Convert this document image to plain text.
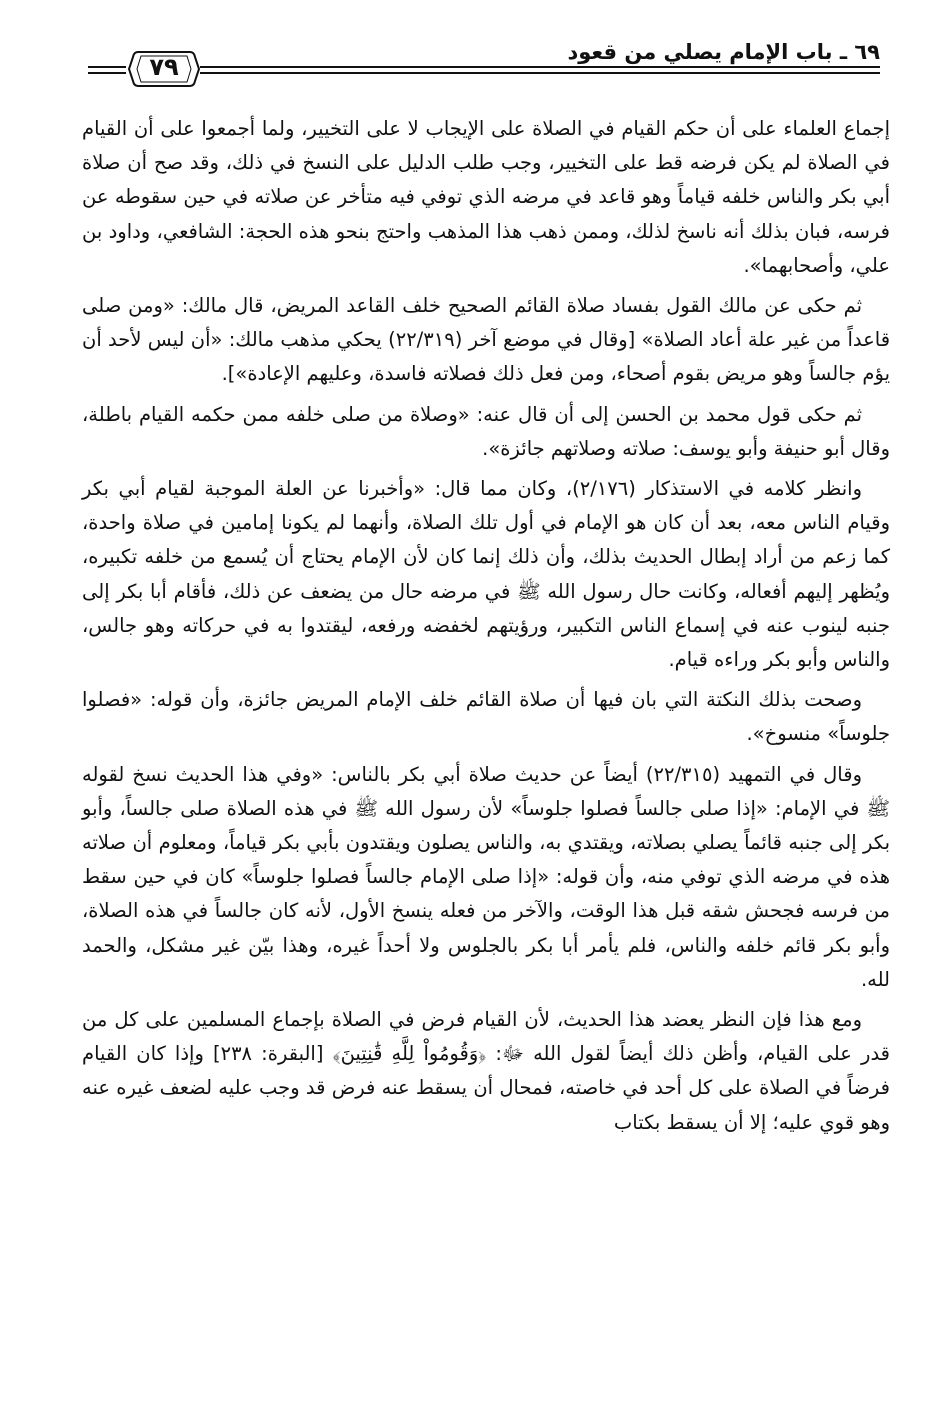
٦٩ ـ باب الإمام يصلي من قعود
٧٩

إجماع العلماء على أن حكم القيام في الصلاة على الإيجاب لا على التخيير، ولما أجمعوا على أن القيام في الصلاة لم يكن فرضه قط على التخيير، وجب طلب الدليل على النسخ في ذلك، وقد صح أن صلاة أبي بكر والناس خلفه قياماً وهو قاعد في مرضه الذي توفي فيه متأخر عن صلاته في حين سقوطه عن فرسه، فبان بذلك أنه ناسخ لذلك، وممن ذهب هذا المذهب واحتج بنحو هذه الحجة: الشافعي، وداود بن علي، وأصحابهما».

ثم حكى عن مالك القول بفساد صلاة القائم الصحيح خلف القاعد المريض، قال مالك: «ومن صلى قاعداً من غير علة أعاد الصلاة» [وقال في موضع آخر (٢٢/٣١٩) يحكي مذهب مالك: «أن ليس لأحد أن يؤم جالساً وهو مريض بقوم أصحاء، ومن فعل ذلك فصلاته فاسدة، وعليهم الإعادة»].

ثم حكى قول محمد بن الحسن إلى أن قال عنه: «وصلاة من صلى خلفه ممن حكمه القيام باطلة، وقال أبو حنيفة وأبو يوسف: صلاته وصلاتهم جائزة».

وانظر كلامه في الاستذكار (٢/١٧٦)، وكان مما قال: «وأخبرنا عن العلة الموجبة لقيام أبي بكر وقيام الناس معه، بعد أن كان هو الإمام في أول تلك الصلاة، وأنهما لم يكونا إمامين في صلاة واحدة، كما زعم من أراد إبطال الحديث بذلك، وأن ذلك إنما كان لأن الإمام يحتاج أن يُسمع من خلفه تكبيره، ويُظهر إليهم أفعاله، وكانت حال رسول الله ﷺ في مرضه حال من يضعف عن ذلك، فأقام أبا بكر إلى جنبه لينوب عنه في إسماع الناس التكبير، ورؤيتهم لخفضه ورفعه، ليقتدوا به في حركاته وهو جالس، والناس وأبو بكر وراءه قيام.

وصحت بذلك النكتة التي بان فيها أن صلاة القائم خلف الإمام المريض جائزة، وأن قوله: «فصلوا جلوساً» منسوخ».

وقال في التمهيد (٢٢/٣١٥) أيضاً عن حديث صلاة أبي بكر بالناس: «وفي هذا الحديث نسخ لقوله ﷺ في الإمام: «إذا صلى جالساً فصلوا جلوساً» لأن رسول الله ﷺ في هذه الصلاة صلى جالساً، وأبو بكر إلى جنبه قائماً يصلي بصلاته، ويقتدي به، والناس يصلون ويقتدون بأبي بكر قياماً، ومعلوم أن صلاته هذه في مرضه الذي توفي منه، وأن قوله: «إذا صلى الإمام جالساً فصلوا جلوساً» كان في حين سقط من فرسه فجحش شقه قبل هذا الوقت، والآخر من فعله ينسخ الأول، لأنه كان جالساً في هذه الصلاة، وأبو بكر قائم خلفه والناس، فلم يأمر أبا بكر بالجلوس ولا أحداً غيره، وهذا بيّن غير مشكل، والحمد لله.

ومع هذا فإن النظر يعضد هذا الحديث، لأن القيام فرض في الصلاة بإجماع المسلمين على كل من قدر على القيام، وأظن ذلك أيضاً لقول الله ﷻ: ﴿وَقُومُواْ لِلَّهِ قَٰنِتِينَ﴾ [البقرة: ٢٣٨] وإذا كان القيام فرضاً في الصلاة على كل أحد في خاصته، فمحال أن يسقط عنه فرض قد وجب عليه لضعف غيره عنه وهو قوي عليه؛ إلا أن يسقط بكتاب
